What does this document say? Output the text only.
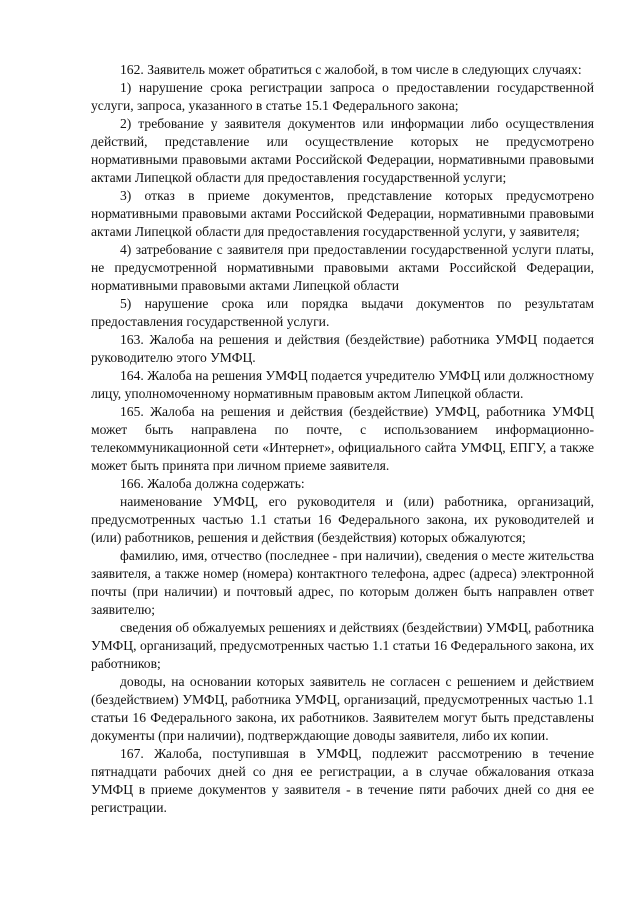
162. Заявитель может обратиться с жалобой, в том числе в следующих случаях:

1) нарушение срока регистрации запроса о предоставлении государственной услуги, запроса, указанного в статье 15.1 Федерального закона;

2) требование у заявителя документов или информации либо осуществления действий, представление или осуществление которых не предусмотрено нормативными правовыми актами Российской Федерации, нормативными правовыми актами Липецкой области для предоставления государственной услуги;

3) отказ в приеме документов, представление которых предусмотрено нормативными правовыми актами Российской Федерации, нормативными правовыми актами Липецкой области для предоставления государственной услуги, у заявителя;

4) затребование с заявителя при предоставлении государственной услуги платы, не предусмотренной нормативными правовыми актами Российской Федерации, нормативными правовыми актами Липецкой области

5) нарушение срока или порядка выдачи документов по результатам предоставления государственной услуги.

163. Жалоба на решения и действия (бездействие) работника УМФЦ подается руководителю этого УМФЦ.

164. Жалоба на решения УМФЦ подается учредителю УМФЦ или должностному лицу, уполномоченному нормативным правовым актом Липецкой области.

165. Жалоба на решения и действия (бездействие) УМФЦ, работника УМФЦ может быть направлена по почте, с использованием информационно-телекоммуникационной сети «Интернет», официального сайта УМФЦ, ЕПГУ, а также может быть принята при личном приеме заявителя.

166. Жалоба должна содержать:

наименование УМФЦ, его руководителя и (или) работника, организаций, предусмотренных частью 1.1 статьи 16 Федерального закона, их руководителей и (или) работников, решения и действия (бездействия) которых обжалуются;

фамилию, имя, отчество (последнее - при наличии), сведения о месте жительства заявителя, а также номер (номера) контактного телефона, адрес (адреса) электронной почты (при наличии) и почтовый адрес, по которым должен быть направлен ответ заявителю;

сведения об обжалуемых решениях и действиях (бездействии) УМФЦ, работника УМФЦ, организаций, предусмотренных частью 1.1 статьи 16 Федерального закона, их работников;

доводы, на основании которых заявитель не согласен с решением и действием (бездействием) УМФЦ, работника УМФЦ, организаций, предусмотренных частью 1.1 статьи 16 Федерального закона, их работников. Заявителем могут быть представлены документы (при наличии), подтверждающие доводы заявителя, либо их копии.

167. Жалоба, поступившая в УМФЦ, подлежит рассмотрению в течение пятнадцати рабочих дней со дня ее регистрации, а в случае обжалования отказа УМФЦ в приеме документов у заявителя - в течение пяти рабочих дней со дня ее регистрации.
